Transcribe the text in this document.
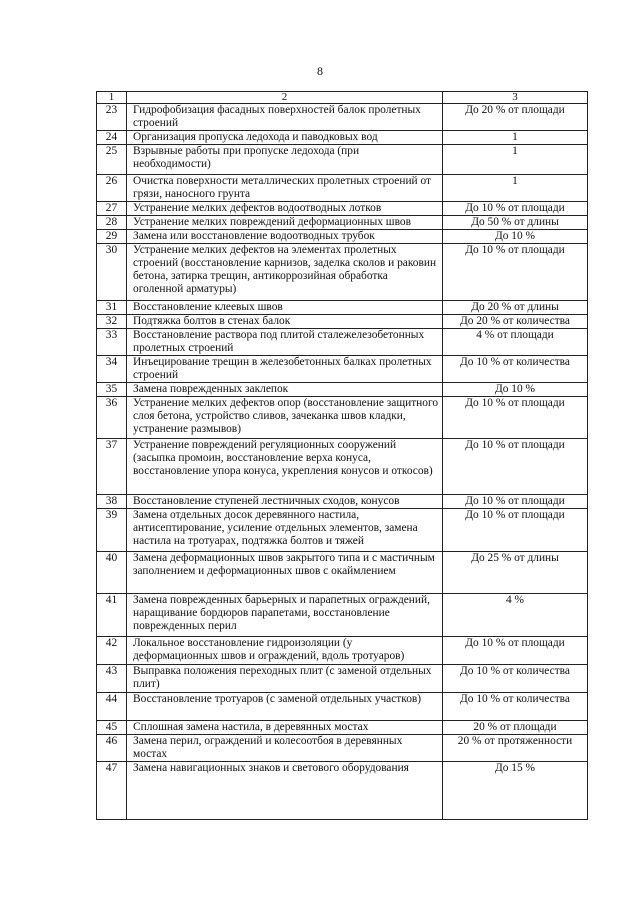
8
1	2	3
23	Гидрофобизация фасадных поверхностей балок пролетных строений	До 20 % от площади
24	Организация пропуска ледохода и паводковых вод	1
25	Взрывные работы при пропуске ледохода (при необходимости)	1
26	Очистка поверхности металлических пролетных строений от грязи, наносного грунта	1
27	Устранение мелких дефектов водоотводных лотков	До 10 % от площади
28	Устранение мелких повреждений деформационных швов	До 50 % от длины
29	Замена или восстановление водоотводных трубок	До 10 %
30	Устранение мелких дефектов на элементах пролетных строений (восстановление карнизов, заделка сколов и раковин бетона, затирка трещин, антикоррозийная обработка оголенной арматуры)	До 10 % от площади
31	Восстановление клеевых швов	До 20 % от длины
32	Подтяжка болтов в стенах балок	До 20 % от количества
33	Восстановление раствора под плитой сталежелезобетонных пролетных строений	4 % от площади
34	Инъецирование трещин в железобетонных балках пролетных строений	До 10 % от количества
35	Замена поврежденных заклепок	До 10 %
36	Устранение мелких дефектов опор (восстановление защитного слоя бетона, устройство сливов, зачеканка швов кладки, устранение размывов)	До 10 % от площади
37	Устранение повреждений регуляционных сооружений (засыпка промоин, восстановление верха конуса, восстановление упора конуса, укрепления конусов и откосов)	До 10 % от площади
38	Восстановление ступеней лестничных сходов, конусов	До 10 % от площади
39	Замена отдельных досок деревянного настила, антисептирование, усиление отдельных элементов, замена настила на тротуарах, подтяжка болтов и тяжей	До 10 % от площади
40	Замена деформационных швов закрытого типа и с мастичным заполнением и деформационных швов с окаймлением	До 25 % от длины
41	Замена поврежденных барьерных и парапетных ограждений, наращивание бордюров парапетами, восстановление поврежденных перил	4 %
42	Локальное восстановление гидроизоляции (у деформационных швов и ограждений, вдоль тротуаров)	До 10 % от площади
43	Выправка положения переходных плит (с заменой отдельных плит)	До 10 % от количества
44	Восстановление тротуаров (с заменой отдельных участков)	До 10 % от количества
45	Сплошная замена настила, в деревянных мостах	20 % от площади
46	Замена перил, ограждений и колесоотбоя в деревянных мостах	20 % от протяженности
47	Замена навигационных знаков и светового оборудования	До 15 %
